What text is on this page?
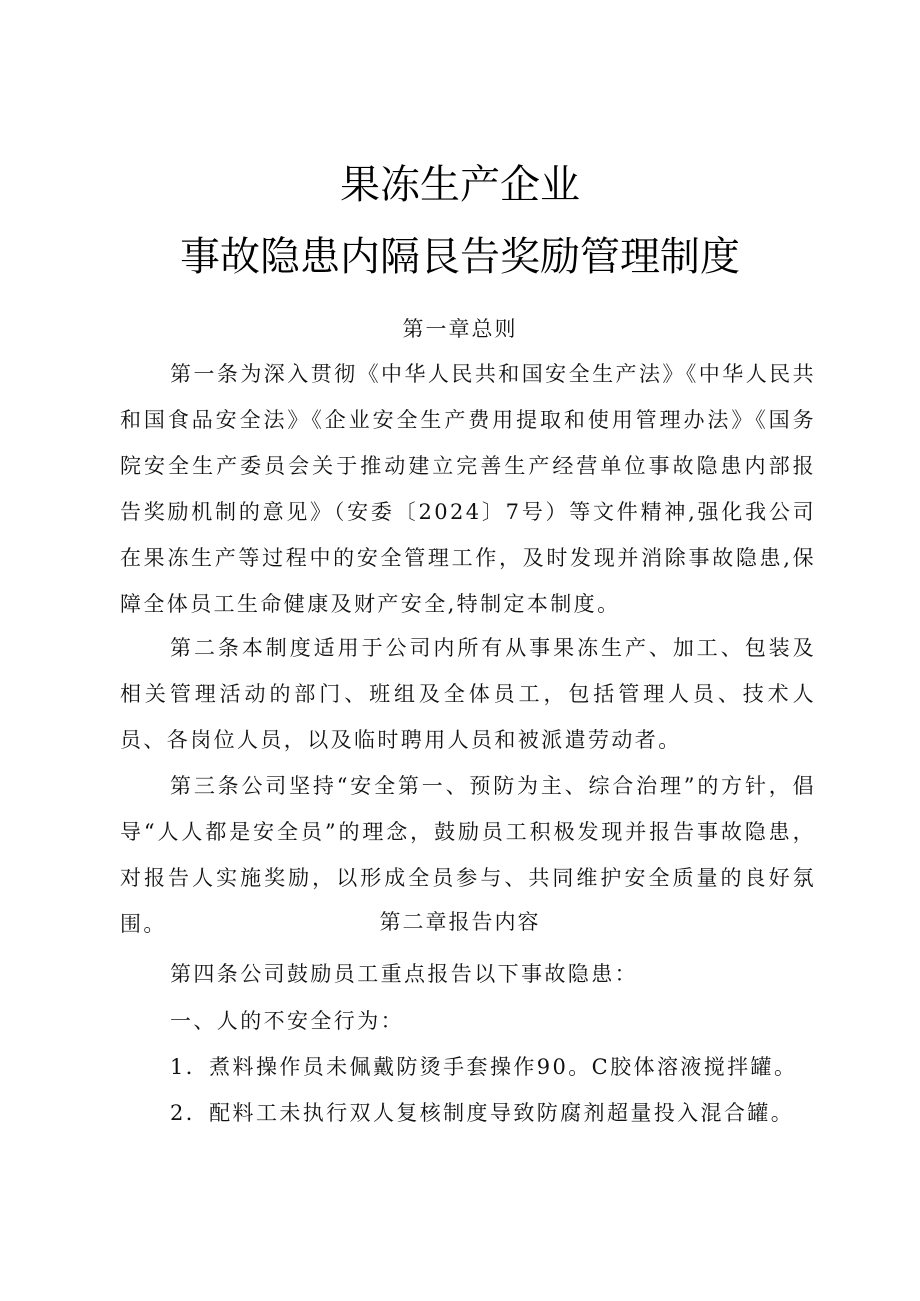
果冻生产企业
事故隐患内隔艮告奖励管理制度
第一章总则
第一条为深入贯彻《中华人民共和国安全生产法》《中华人民共和国食品安全法》《企业安全生产费用提取和使用管理办法》《国务院安全生产委员会关于推动建立完善生产经营单位事故隐患内部报告奖励机制的意见》（安委〔2024〕7号）等文件精神,强化我公司在果冻生产等过程中的安全管理工作，及时发现并消除事故隐患,保障全体员工生命健康及财产安全,特制定本制度。
第二条本制度适用于公司内所有从事果冻生产、加工、包装及相关管理活动的部门、班组及全体员工，包括管理人员、技术人员、各岗位人员，以及临时聘用人员和被派遣劳动者。
第三条公司坚持“安全第一、预防为主、综合治理”的方针，倡导“人人都是安全员”的理念，鼓励员工积极发现并报告事故隐患，对报告人实施奖励，以形成全员参与、共同维护安全质量的良好氛围。	第二章报告内容
第四条公司鼓励员工重点报告以下事故隐患：
一、人的不安全行为：
1．煮料操作员未佩戴防烫手套操作90。C胶体溶液搅拌罐。
2．配料工未执行双人复核制度导致防腐剂超量投入混合罐。
